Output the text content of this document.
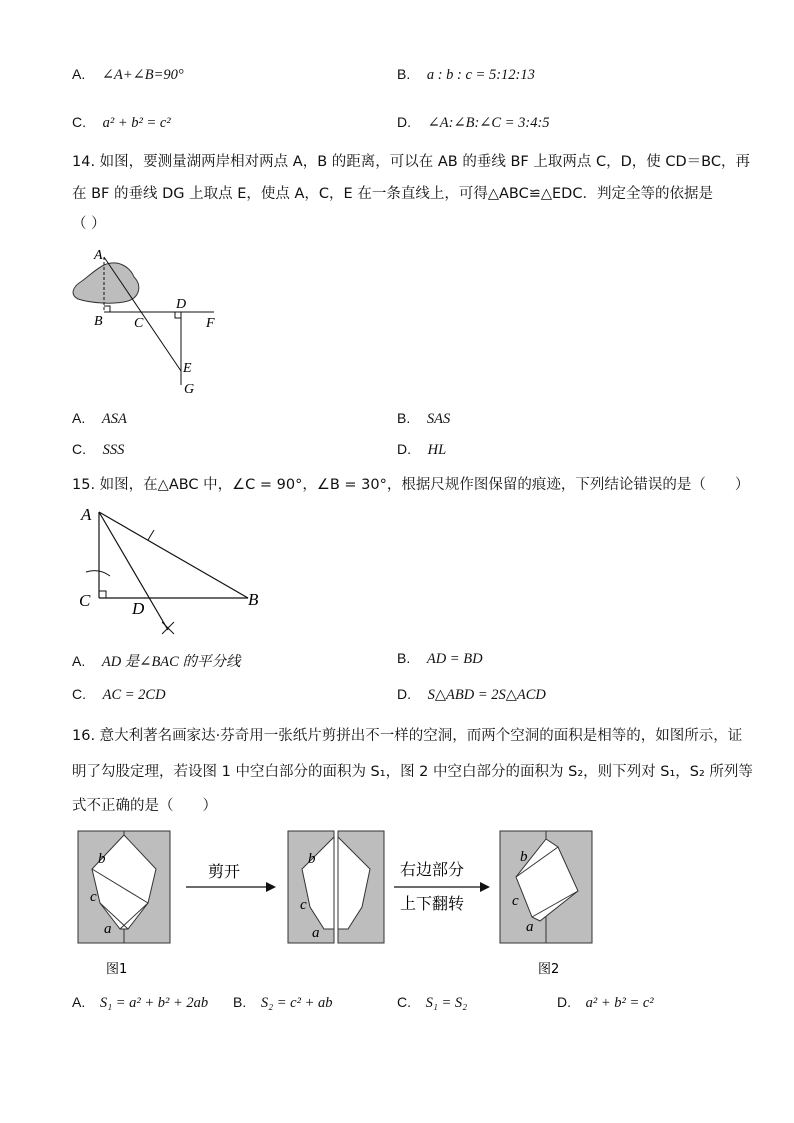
A. ∠A+∠B=90°	B. a : b : c = 5:12:13
C. a² + b² = c²	D. ∠A:∠B:∠C = 3:4:5
14. 如图，要测量湖两岸相对两点 A，B 的距离，可以在 AB 的垂线 BF 上取两点 C，D，使 CD＝BC，再
在 BF 的垂线 DG 上取点 E，使点 A，C，E 在一条直线上，可得△ABC≌△EDC．判定全等的依据是
（ ）
A
B C
D
F
E
G
A. ASA	B. SAS
C. SSS	D. HL
15. 如图，在△ABC 中，∠C = 90°，∠B = 30°，根据尺规作图保留的痕迹，下列结论错误的是（　　）
A
C D	B
A. AD 是∠BAC 的平分线	B. AD = BD
C. AC = 2CD	D. S△ABD = 2S△ACD
16. 意大利著名画家达·芬奇用一张纸片剪拼出不一样的空洞，而两个空洞的面积是相等的，如图所示，证
明了勾股定理，若设图 1 中空白部分的面积为 S₁，图 2 中空白部分的面积为 S₂，则下列对 S₁，S₂ 所列等
式不正确的是（　　）
b
c
a
剪开
b
c
a
右边部分
上下翻转
b
c
a
图1	图2
A. S₁ = a² + b² + 2ab B. S₂ = c² + ab	C. S₁ = S₂	D. a² + b² = c²
